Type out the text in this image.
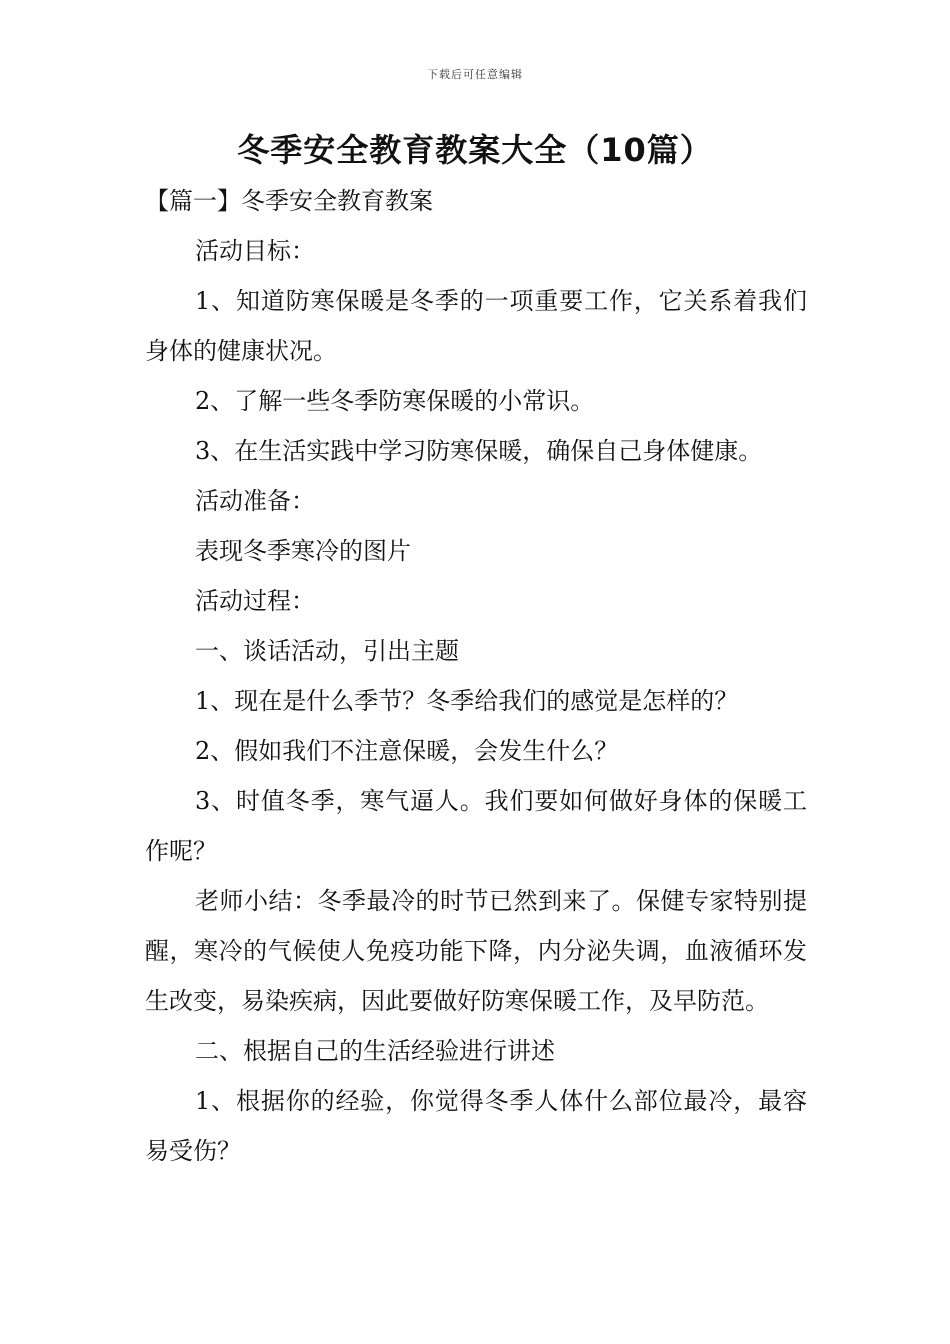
下载后可任意编辑
冬季安全教育教案大全（10篇）

【篇一】冬季安全教育教案

活动目标：

1、知道防寒保暖是冬季的一项重要工作，它关系着我们身体的健康状况。

2、了解一些冬季防寒保暖的小常识。

3、在生活实践中学习防寒保暖，确保自己身体健康。

活动准备：

表现冬季寒冷的图片

活动过程：

一、谈话活动，引出主题

1、现在是什么季节？冬季给我们的感觉是怎样的？

2、假如我们不注意保暖，会发生什么？

3、时值冬季，寒气逼人。我们要如何做好身体的保暖工作呢？

老师小结：冬季最冷的时节已然到来了。保健专家特别提醒，寒冷的气候使人免疫功能下降，内分泌失调，血液循环发生改变，易染疾病，因此要做好防寒保暖工作，及早防范。

二、根据自己的生活经验进行讲述

1、根据你的经验，你觉得冬季人体什么部位最冷，最容易受伤？
